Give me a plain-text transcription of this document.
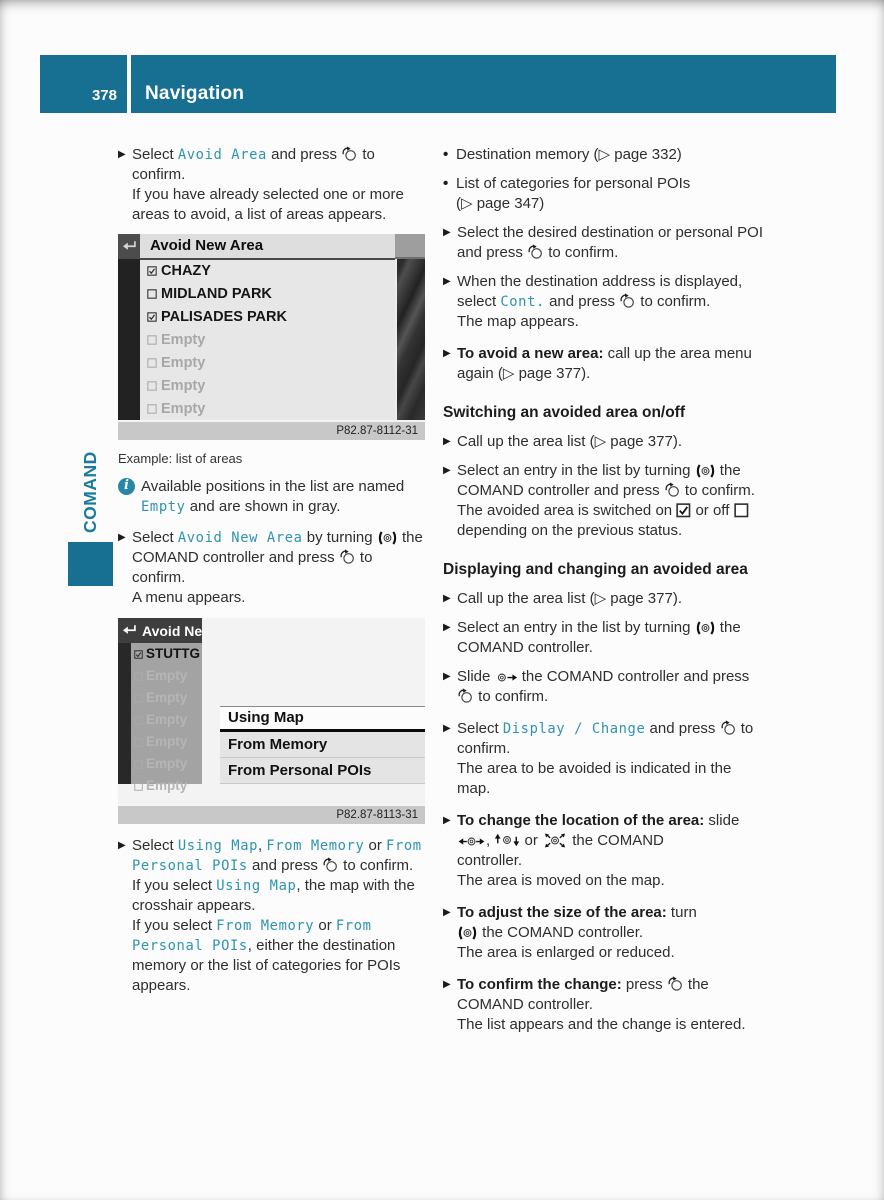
378	Navigation
COMAND
▶ Select Avoid Area and press  to confirm.
If you have already selected one or more areas to avoid, a list of areas appears.
Avoid New Area
CHAZY
MIDLAND PARK
PALISADES PARK
Empty
Empty
Empty
Empty
P82.87-8112-31
Example: list of areas
i Available positions in the list are named Empty and are shown in gray.
▶ Select Avoid New Area by turning  the COMAND controller and press  to confirm.
A menu appears.
Avoid Ne
STUTTG
Empty
Empty
Empty
Empty
Empty
Empty
Using Map
From Memory
From Personal POIs
P82.87-8113-31
▶ Select Using Map, From Memory or From Personal POIs and press  to confirm.
If you select Using Map, the map with the crosshair appears.
If you select From Memory or From Personal POIs, either the destination memory or the list of categories for POIs appears.
• Destination memory (▷ page 332)
• List of categories for personal POIs
(▷ page 347)
▶ Select the desired destination or personal POI and press  to confirm.
▶ When the destination address is displayed, select Cont. and press  to confirm.
The map appears.
▶ To avoid a new area: call up the area menu again (▷ page 377).
Switching an avoided area on/off
▶ Call up the area list (▷ page 377).
▶ Select an entry in the list by turning  the COMAND controller and press  to confirm.
The avoided area is switched on  or off  depending on the previous status.
Displaying and changing an avoided area
▶ Call up the area list (▷ page 377).
▶ Select an entry in the list by turning  the COMAND controller.
▶ Slide  the COMAND controller and press  to confirm.
▶ Select Display / Change and press  to confirm.
The area to be avoided is indicated in the map.
▶ To change the location of the area: slide
,  or  the COMAND
controller.
The area is moved on the map.
▶ To adjust the size of the area: turn
the COMAND controller.
The area is enlarged or reduced.
▶ To confirm the change: press  the
COMAND controller.
The list appears and the change is entered.
